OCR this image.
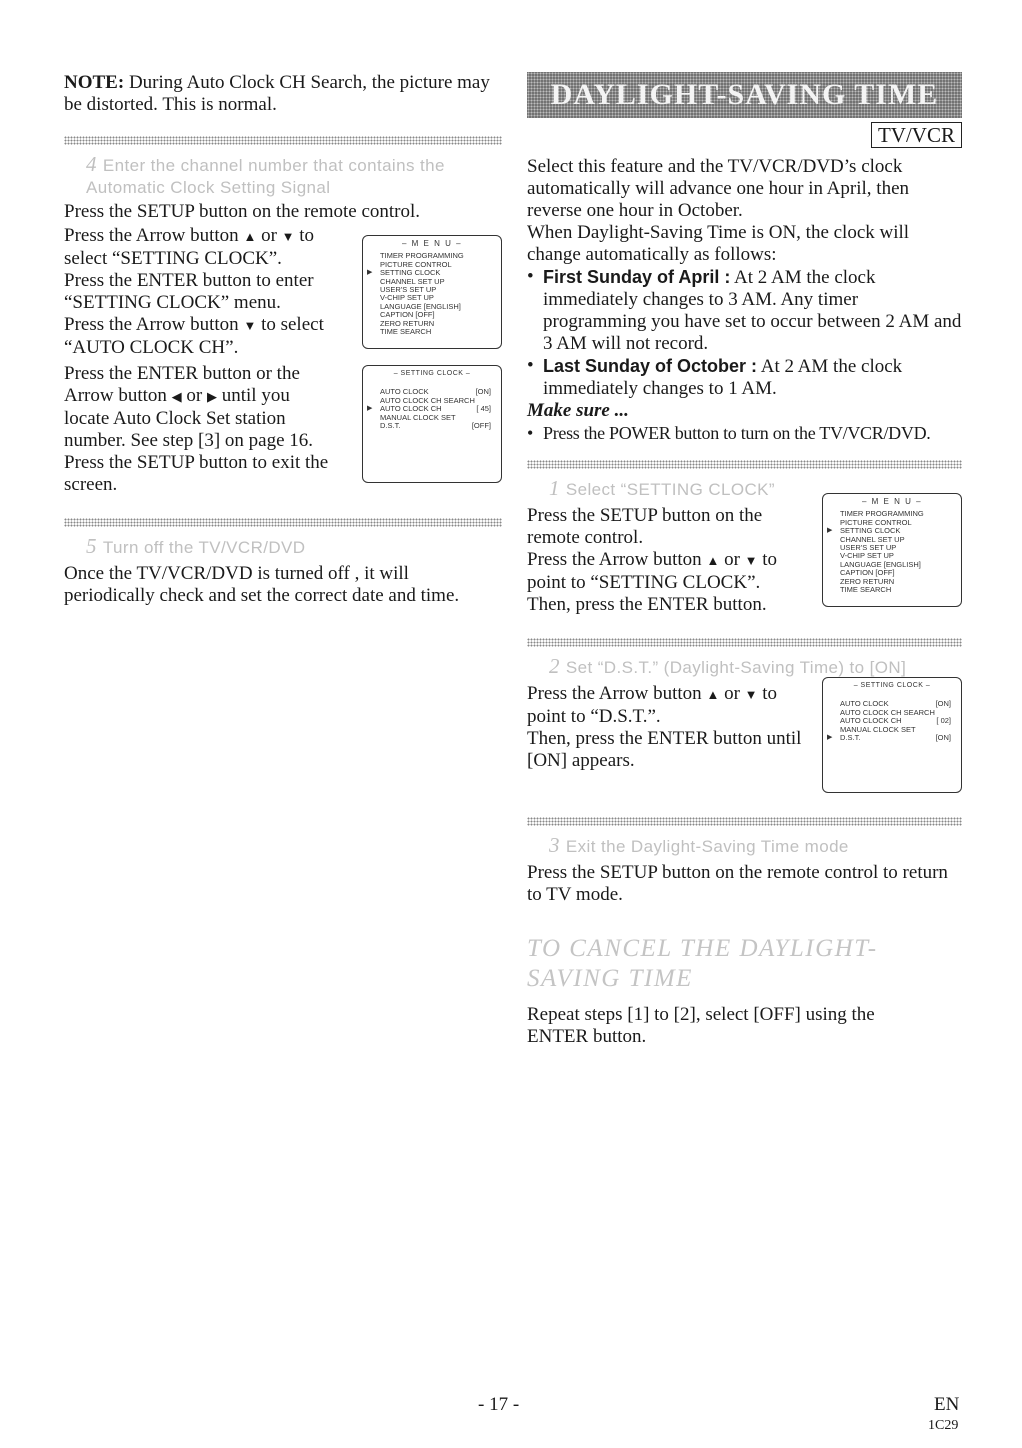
NOTE: During Auto Clock CH Search, the picture may be distorted. This is normal.

4 Enter the channel number that contains the
Automatic Clock Setting Signal

Press the SETUP button on the remote control.

Press the Arrow button ▲ or ▼ to
select “SETTING CLOCK”.

Press the ENTER button to enter “SETTING CLOCK” menu.

Press the Arrow button ▼ to select “AUTO CLOCK CH”.

– M E N U –
TIMER PROGRAMMING
PICTURE CONTROL
▶ SETTING CLOCK
CHANNEL SET UP
USER'S SET UP
V-CHIP SET UP
LANGUAGE [ENGLISH]
CAPTION [OFF]
ZERO RETURN
TIME SEARCH

Press the ENTER button or the Arrow button ◀ or ▶ until you locate Auto Clock Set station number. See step [3] on page 16.

Press the SETUP button to exit the screen.

– SETTING CLOCK –
AUTO CLOCK	[ON]
AUTO CLOCK CH SEARCH
▶ AUTO CLOCK CH	[ 45]
MANUAL CLOCK SET
D.S.T.	[OFF]
5 Turn off the TV/VCR/DVD

Once the TV/VCR/DVD is turned off , it will periodically check and set the correct date and time.

DAYLIGHT-SAVING TIME
TV/VCR

Select this feature and the TV/VCR/DVD’s clock automatically will advance one hour in April, then reverse one hour in October.

When Daylight-Saving Time is ON, the clock will change automatically as follows:

• First Sunday of April : At 2 AM the clock immediately changes to 3 AM. Any timer programming you have set to occur between 2 AM and 3 AM will not record.

• Last Sunday of October : At 2 AM the clock immediately changes to 1 AM.

Make sure ...

• Press the POWER button to turn on the TV/VCR/DVD.

1 Select “SETTING CLOCK”

Press the SETUP button on the remote control.

Press the Arrow button ▲ or ▼ to point to “SETTING CLOCK”.

Then, press the ENTER button.

– M E N U –
TIMER PROGRAMMING
PICTURE CONTROL
▶ SETTING CLOCK
CHANNEL SET UP
USER'S SET UP
V-CHIP SET UP
LANGUAGE [ENGLISH]
CAPTION [OFF]
ZERO RETURN
TIME SEARCH
2 Set “D.S.T.” (Daylight-Saving Time) to [ON]

Press the Arrow button ▲ or ▼ to point to “D.S.T.”.

Then, press the ENTER button until [ON] appears.

– SETTING CLOCK –
AUTO CLOCK	[ON]
AUTO CLOCK CH SEARCH
AUTO CLOCK CH	[ 02]
MANUAL CLOCK SET
▶ D.S.T.	[ON]
3 Exit the Daylight-Saving Time mode

Press the SETUP button on the remote control to return to TV mode.

TO CANCEL THE DAYLIGHT-SAVING TIME

Repeat steps [1] to [2], select [OFF] using the ENTER button.

- 17 -	EN
1C29
